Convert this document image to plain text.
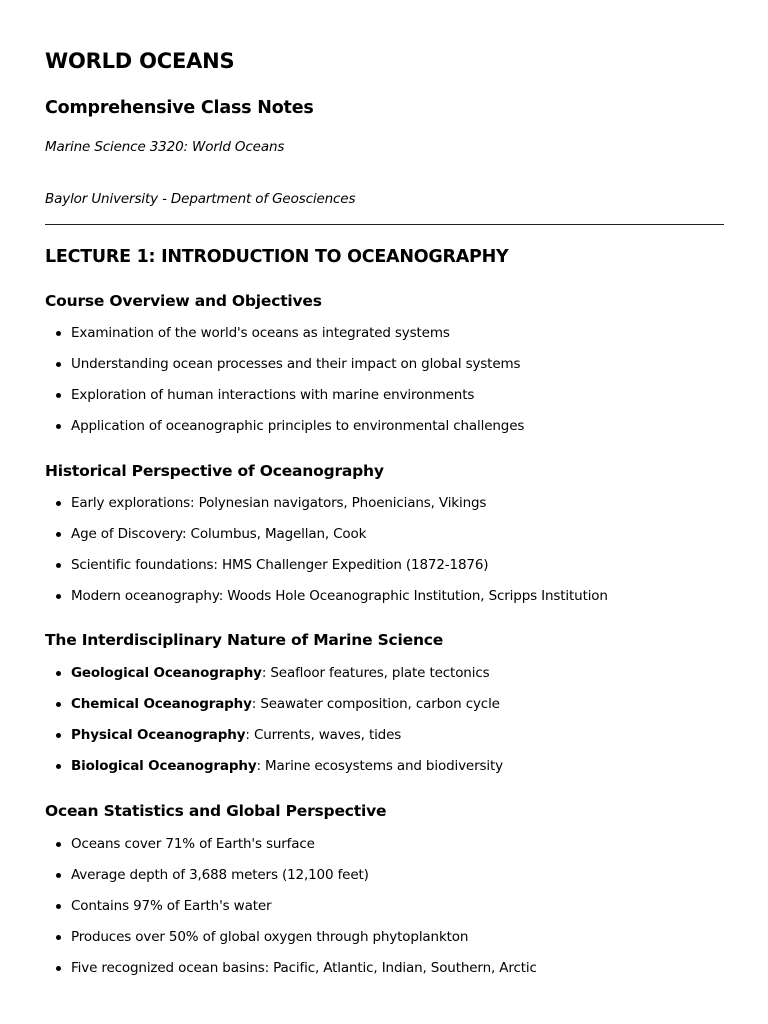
WORLD OCEANS
Comprehensive Class Notes

Marine Science 3320: World Oceans

Baylor University - Department of Geosciences

LECTURE 1: INTRODUCTION TO OCEANOGRAPHY
Course Overview and Objectives
Examination of the world's oceans as integrated systems
Understanding ocean processes and their impact on global systems
Exploration of human interactions with marine environments
Application of oceanographic principles to environmental challenges
Historical Perspective of Oceanography
Early explorations: Polynesian navigators, Phoenicians, Vikings
Age of Discovery: Columbus, Magellan, Cook
Scientific foundations: HMS Challenger Expedition (1872-1876)
Modern oceanography: Woods Hole Oceanographic Institution, Scripps Institution
The Interdisciplinary Nature of Marine Science
Geological Oceanography: Seafloor features, plate tectonics
Chemical Oceanography: Seawater composition, carbon cycle
Physical Oceanography: Currents, waves, tides
Biological Oceanography: Marine ecosystems and biodiversity
Ocean Statistics and Global Perspective
Oceans cover 71% of Earth's surface
Average depth of 3,688 meters (12,100 feet)
Contains 97% of Earth's water
Produces over 50% of global oxygen through phytoplankton
Five recognized ocean basins: Pacific, Atlantic, Indian, Southern, Arctic
